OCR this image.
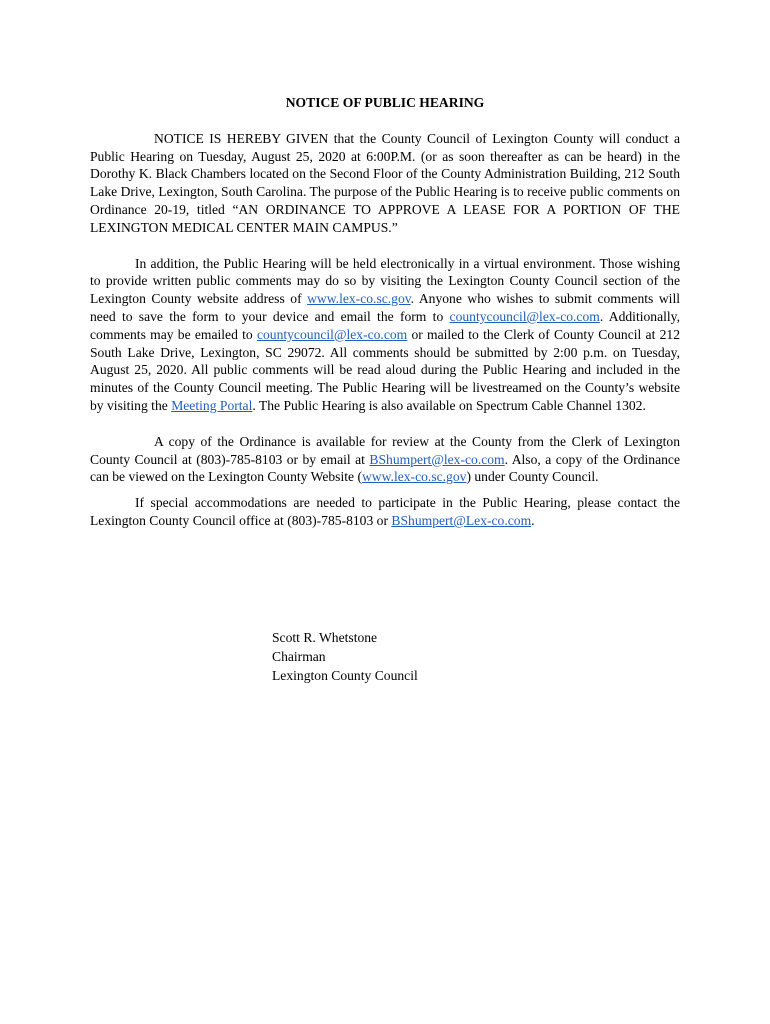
NOTICE OF PUBLIC HEARING

NOTICE IS HEREBY GIVEN that the County Council of Lexington County will conduct a Public Hearing on Tuesday, August 25, 2020 at 6:00P.M. (or as soon thereafter as can be heard) in the Dorothy K. Black Chambers located on the Second Floor of the County Administration Building, 212 South Lake Drive, Lexington, South Carolina. The purpose of the Public Hearing is to receive public comments on Ordinance 20-19, titled “AN ORDINANCE TO APPROVE A LEASE FOR A PORTION OF THE LEXINGTON MEDICAL CENTER MAIN CAMPUS.”

In addition, the Public Hearing will be held electronically in a virtual environment. Those wishing to provide written public comments may do so by visiting the Lexington County Council section of the Lexington County website address of www.lex-co.sc.gov. Anyone who wishes to submit comments will need to save the form to your device and email the form to countycouncil@lex-co.com. Additionally, comments may be emailed to countycouncil@lex-co.com or mailed to the Clerk of County Council at 212 South Lake Drive, Lexington, SC 29072. All comments should be submitted by 2:00 p.m. on Tuesday, August 25, 2020. All public comments will be read aloud during the Public Hearing and included in the minutes of the County Council meeting. The Public Hearing will be livestreamed on the County’s website by visiting the Meeting Portal. The Public Hearing is also available on Spectrum Cable Channel 1302.

A copy of the Ordinance is available for review at the County from the Clerk of Lexington County Council at (803)-785-8103 or by email at BShumpert@lex-co.com. Also, a copy of the Ordinance can be viewed on the Lexington County Website (www.lex-co.sc.gov) under County Council.

If special accommodations are needed to participate in the Public Hearing, please contact the Lexington County Council office at (803)-785-8103 or BShumpert@Lex-co.com.

Scott R. Whetstone
Chairman
Lexington County Council
